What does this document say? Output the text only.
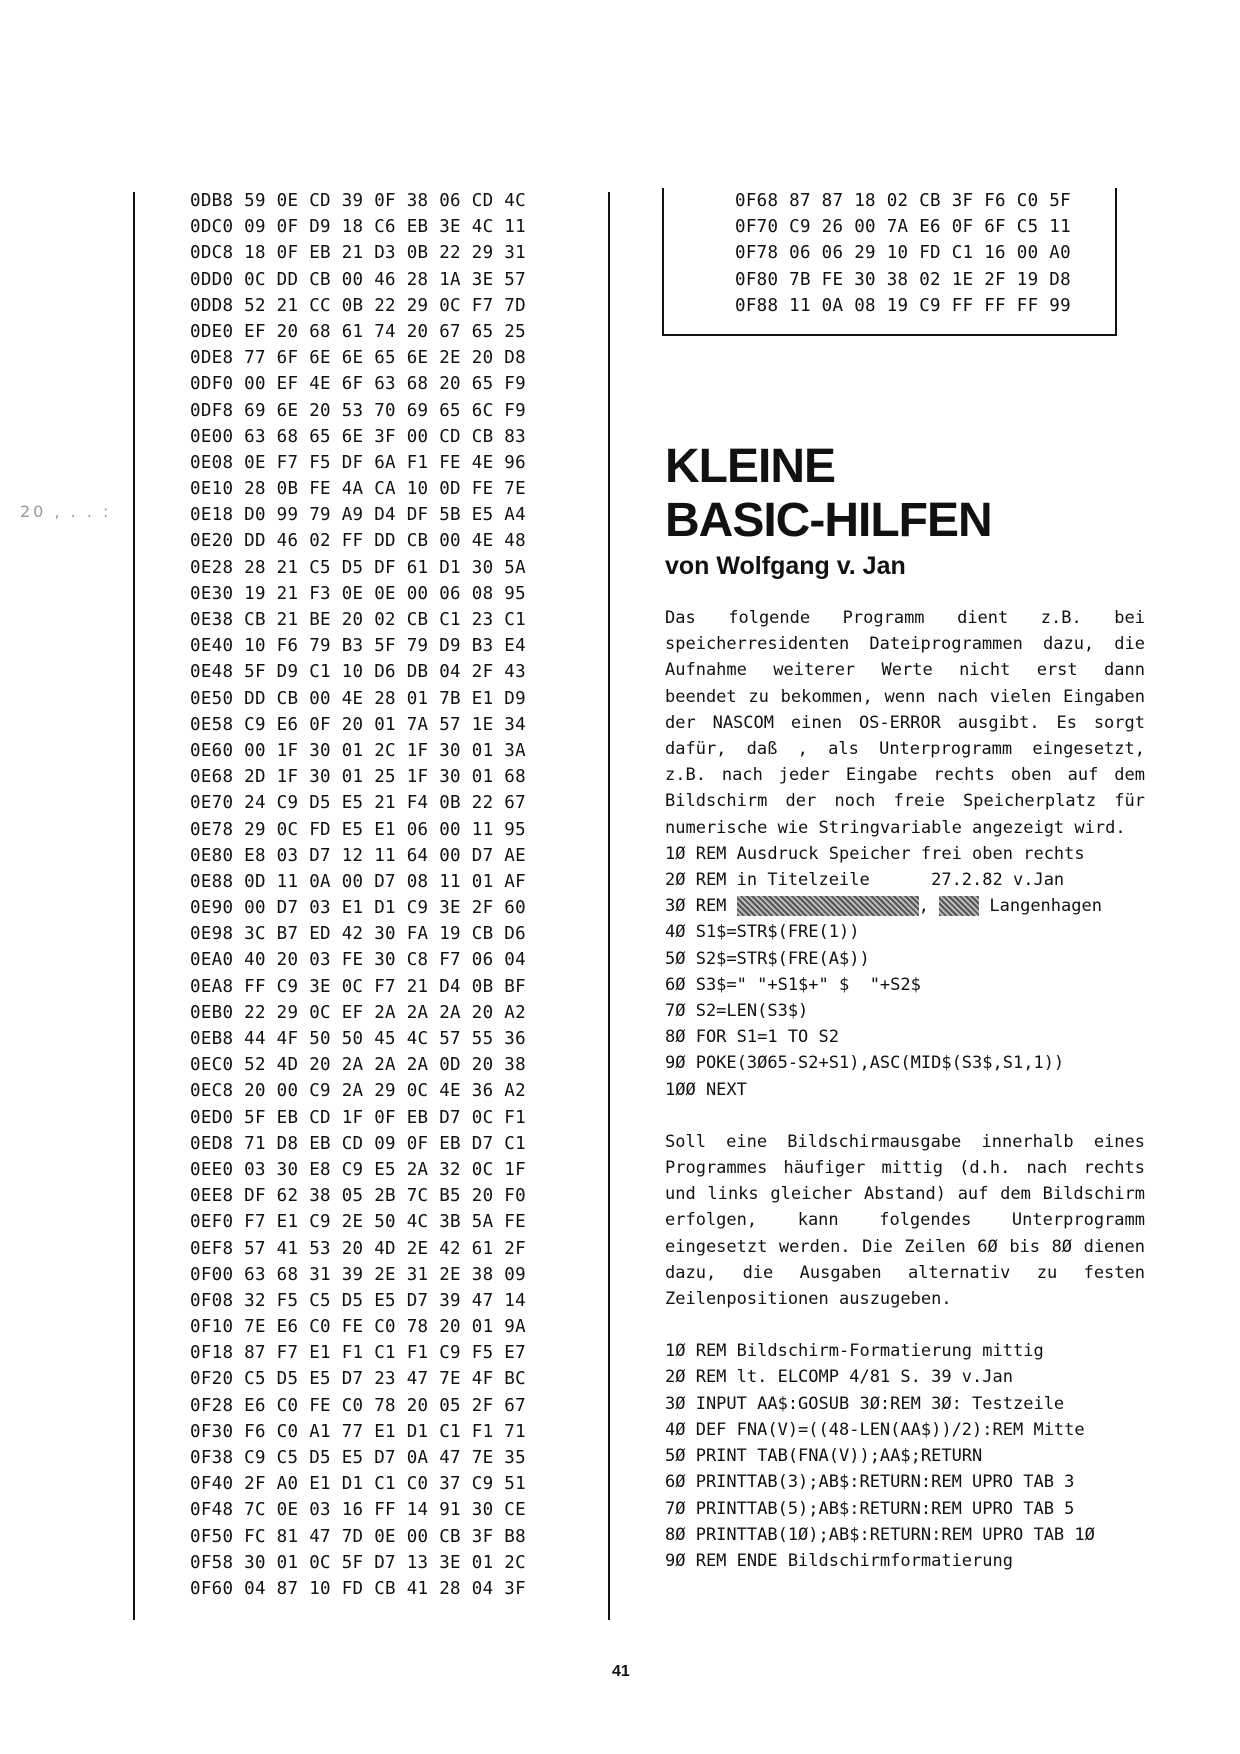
20 , . . :
0DB8 59 0E CD 39 0F 38 06 CD 4C
0DC0 09 0F D9 18 C6 EB 3E 4C 11
0DC8 18 0F EB 21 D3 0B 22 29 31
0DD0 0C DD CB 00 46 28 1A 3E 57
0DD8 52 21 CC 0B 22 29 0C F7 7D
0DE0 EF 20 68 61 74 20 67 65 25
0DE8 77 6F 6E 6E 65 6E 2E 20 D8
0DF0 00 EF 4E 6F 63 68 20 65 F9
0DF8 69 6E 20 53 70 69 65 6C F9
0E00 63 68 65 6E 3F 00 CD CB 83
0E08 0E F7 F5 DF 6A F1 FE 4E 96
0E10 28 0B FE 4A CA 10 0D FE 7E
0E18 D0 99 79 A9 D4 DF 5B E5 A4
0E20 DD 46 02 FF DD CB 00 4E 48
0E28 28 21 C5 D5 DF 61 D1 30 5A
0E30 19 21 F3 0E 0E 00 06 08 95
0E38 CB 21 BE 20 02 CB C1 23 C1
0E40 10 F6 79 B3 5F 79 D9 B3 E4
0E48 5F D9 C1 10 D6 DB 04 2F 43
0E50 DD CB 00 4E 28 01 7B E1 D9
0E58 C9 E6 0F 20 01 7A 57 1E 34
0E60 00 1F 30 01 2C 1F 30 01 3A
0E68 2D 1F 30 01 25 1F 30 01 68
0E70 24 C9 D5 E5 21 F4 0B 22 67
0E78 29 0C FD E5 E1 06 00 11 95
0E80 E8 03 D7 12 11 64 00 D7 AE
0E88 0D 11 0A 00 D7 08 11 01 AF
0E90 00 D7 03 E1 D1 C9 3E 2F 60
0E98 3C B7 ED 42 30 FA 19 CB D6
0EA0 40 20 03 FE 30 C8 F7 06 04
0EA8 FF C9 3E 0C F7 21 D4 0B BF
0EB0 22 29 0C EF 2A 2A 2A 20 A2
0EB8 44 4F 50 50 45 4C 57 55 36
0EC0 52 4D 20 2A 2A 2A 0D 20 38
0EC8 20 00 C9 2A 29 0C 4E 36 A2
0ED0 5F EB CD 1F 0F EB D7 0C F1
0ED8 71 D8 EB CD 09 0F EB D7 C1
0EE0 03 30 E8 C9 E5 2A 32 0C 1F
0EE8 DF 62 38 05 2B 7C B5 20 F0
0EF0 F7 E1 C9 2E 50 4C 3B 5A FE
0EF8 57 41 53 20 4D 2E 42 61 2F
0F00 63 68 31 39 2E 31 2E 38 09
0F08 32 F5 C5 D5 E5 D7 39 47 14
0F10 7E E6 C0 FE C0 78 20 01 9A
0F18 87 F7 E1 F1 C1 F1 C9 F5 E7
0F20 C5 D5 E5 D7 23 47 7E 4F BC
0F28 E6 C0 FE C0 78 20 05 2F 67
0F30 F6 C0 A1 77 E1 D1 C1 F1 71
0F38 C9 C5 D5 E5 D7 0A 47 7E 35
0F40 2F A0 E1 D1 C1 C0 37 C9 51
0F48 7C 0E 03 16 FF 14 91 30 CE
0F50 FC 81 47 7D 0E 00 CB 3F B8
0F58 30 01 0C 5F D7 13 3E 01 2C
0F60 04 87 10 FD CB 41 28 04 3F
0F68 87 87 18 02 CB 3F F6 C0 5F
0F70 C9 26 00 7A E6 0F 6F C5 11
0F78 06 06 29 10 FD C1 16 00 A0
0F80 7B FE 30 38 02 1E 2F 19 D8
0F88 11 0A 08 19 C9 FF FF FF 99
KLEINE
BASIC-HILFEN
von Wolfgang v. Jan

Das folgende Programm dient z.B. bei speicherresidenten Dateiprogrammen dazu, die Aufnahme weiterer Werte nicht erst dann beendet zu bekommen, wenn nach vielen Eingaben der NASCOM einen OS-ERROR ausgibt. Es sorgt dafür, daß , als Unterprogramm eingesetzt, z.B. nach jeder Eingabe rechts oben auf dem Bildschirm der noch freie Speicherplatz für numerische wie Stringvariable angezeigt wird.

1Ø REM Ausdruck Speicher frei oben rechts
2Ø REM in Titelzeile      27.2.82 v.Jan
3Ø REM	,  Langenhagen
4Ø S1$=STR$(FRE(1))
5Ø S2$=STR$(FRE(A$))
6Ø S3$=" "+S1$+" $  "+S2$
7Ø S2=LEN(S3$)
8Ø FOR S1=1 TO S2
9Ø POKE(3Ø65-S2+S1),ASC(MID$(S3$,S1,1))
1ØØ NEXT

Soll eine Bildschirmausgabe innerhalb eines Programmes häufiger mittig (d.h. nach rechts und links gleicher Abstand) auf dem Bildschirm erfolgen, kann folgendes Unterprogramm eingesetzt werden. Die Zeilen 6Ø bis 8Ø dienen dazu, die Ausgaben alternativ zu festen Zeilenpositionen auszugeben.

1Ø REM Bildschirm-Formatierung mittig
2Ø REM lt. ELCOMP 4/81 S. 39 v.Jan
3Ø INPUT AA$:GOSUB 3Ø:REM 3Ø: Testzeile
4Ø DEF FNA(V)=((48-LEN(AA$))/2):REM Mitte
5Ø PRINT TAB(FNA(V));AA$;RETURN
6Ø PRINTTAB(3);AB$:RETURN:REM UPRO TAB 3
7Ø PRINTTAB(5);AB$:RETURN:REM UPRO TAB 5
8Ø PRINTTAB(1Ø);AB$:RETURN:REM UPRO TAB 1Ø
9Ø REM ENDE Bildschirmformatierung
41
